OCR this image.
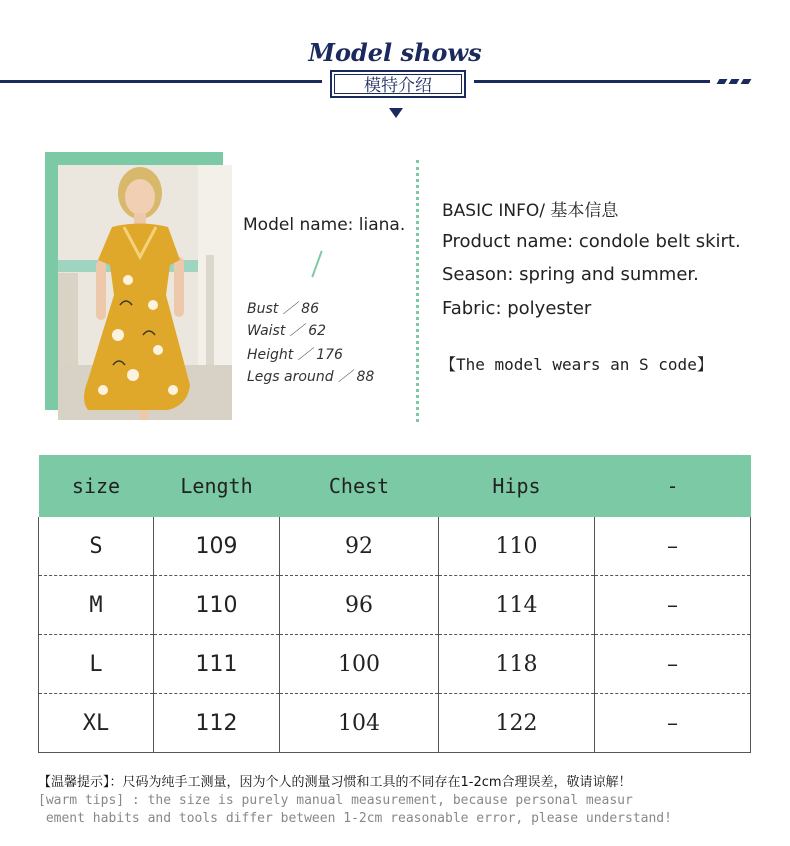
Model shows
模特介绍
Model name: liana.
Bust ／ 86
Waist ／ 62
Height ／ 176
Legs around ／ 88
BASIC INFO/ 基本信息
Product name: condole belt skirt.
Season: spring and summer.
Fabric: polyester
【The model wears an S code】
size	Length	Chest	Hips	-
S	109	92	110	–
M	110	96	114	–
L	111	100	118	–
XL	112	104	122	–
【温馨提示】：尺码为纯手工测量，因为个人的测量习惯和工具的不同存在1-2cm合理误差，敬请谅解！
[warm tips] : the size is purely manual measurement, because personal measur
ement habits and tools differ between 1-2cm reasonable error, please understand!
